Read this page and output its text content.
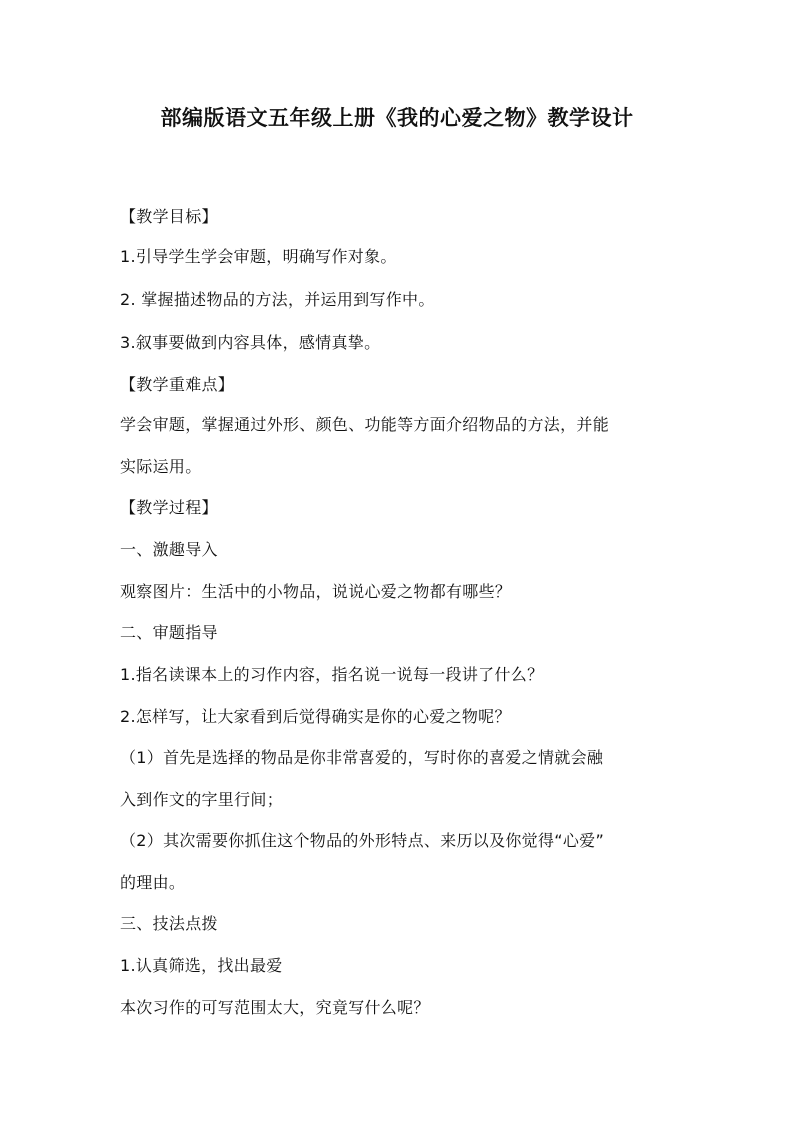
部编版语文五年级上册《我的心爱之物》教学设计
【教学目标】
1.引导学生学会审题，明确写作对象。
2. 掌握描述物品的方法，并运用到写作中。
3.叙事要做到内容具体，感情真挚。
【教学重难点】
学会审题，掌握通过外形、颜色、功能等方面介绍物品的方法，并能
实际运用。
【教学过程】
一、激趣导入
观察图片：生活中的小物品，说说心爱之物都有哪些？
二、审题指导
1.指名读课本上的习作内容，指名说一说每一段讲了什么？
2.怎样写，让大家看到后觉得确实是你的心爱之物呢？
（1）首先是选择的物品是你非常喜爱的，写时你的喜爱之情就会融
入到作文的字里行间；
（2）其次需要你抓住这个物品的外形特点、来历以及你觉得“心爱”
的理由。
三、技法点拨
1.认真筛选，找出最爱
本次习作的可写范围太大，究竟写什么呢？
